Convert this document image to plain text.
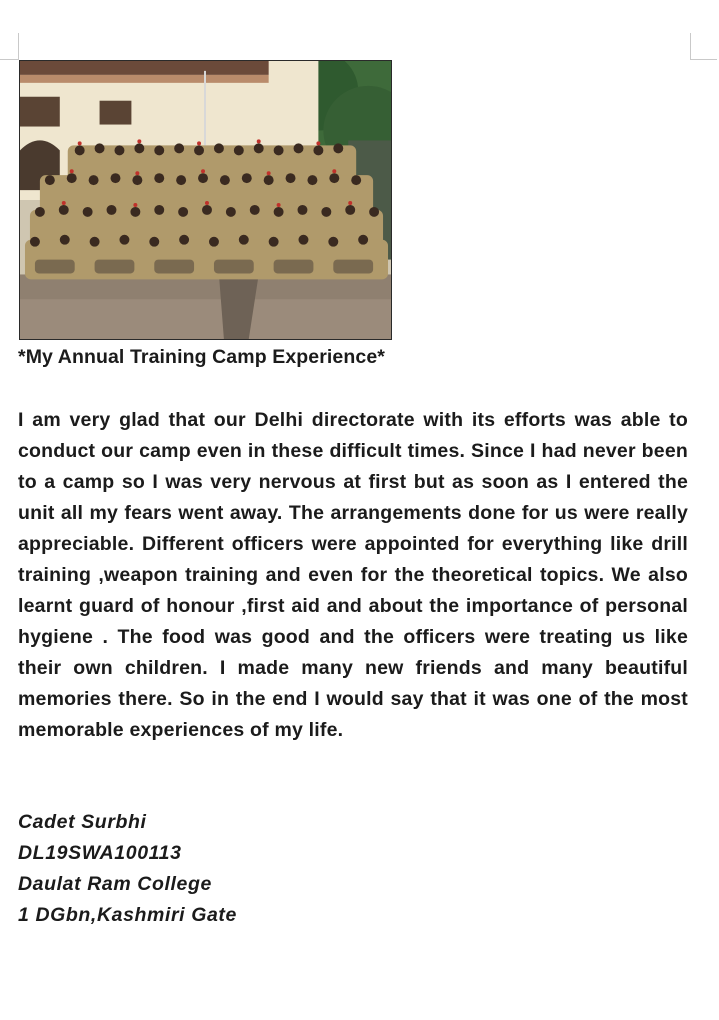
*My Annual Training Camp Experience*
I am very glad that our Delhi directorate with its efforts was able to conduct our camp even in these difficult times. Since I had never been to a camp so I was very nervous at first but as soon as I entered the unit all my fears went away. The arrangements done for us were really appreciable. Different officers were appointed for everything like drill training ,weapon training and even for the theoretical topics. We also learnt guard of honour ,first aid and about the importance of personal hygiene . The food was good and the officers were treating us like their own children. I made many new friends and many beautiful memories there. So in the end I would say that it was one of the most memorable experiences of my life.
Cadet Surbhi
DL19SWA100113
Daulat Ram College
1 DGbn,Kashmiri Gate
